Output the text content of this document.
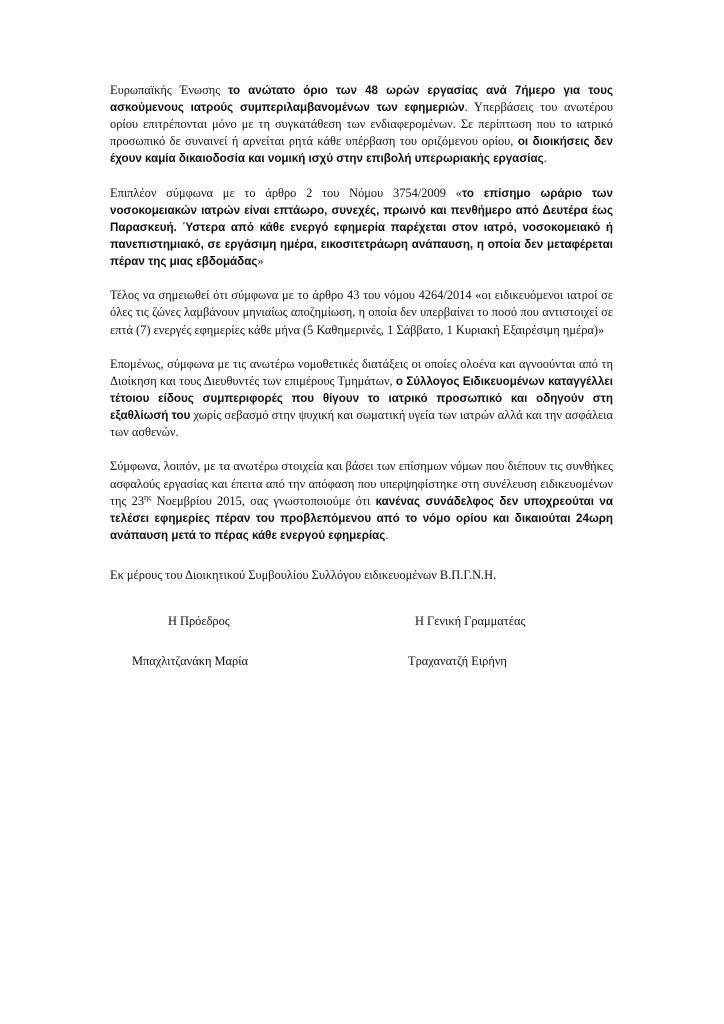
Ευρωπαϊκής Ένωσης το ανώτατο όριο των 48 ωρών εργασίας ανά 7ήμερο για τους ασκούμενους ιατρούς συμπεριλαμβανομένων των εφημεριών. Υπερβάσεις του ανωτέρου ορίου επιτρέπονται μόνο με τη συγκατάθεση των ενδιαφερομένων. Σε περίπτωση που το ιατρικό προσωπικό δε συναινεί ή αρνείται ρητά κάθε υπέρβαση του οριζόμενου ορίου, οι διοικήσεις δεν έχουν καμία δικαιοδοσία και νομική ισχύ στην επιβολή υπερωριακής εργασίας.

Επιπλέον σύμφωνα με το άρθρο 2 του Νόμου 3754/2009 «το επίσημο ωράριο των νοσοκομειακών ιατρών είναι επτάωρο, συνεχές, πρωινό και πενθήμερο από Δευτέρα έως Παρασκευή. Ύστερα από κάθε ενεργό εφημερία παρέχεται στον ιατρό, νοσοκομειακό ή πανεπιστημιακό, σε εργάσιμη ημέρα, εικοσιτετράωρη ανάπαυση, η οποία δεν μεταφέρεται πέραν της μιας εβδομάδας»

Τέλος να σημειωθεί ότι σύμφωνα με το άρθρο 43 του νόμου 4264/2014 «οι ειδικευόμενοι ιατροί σε όλες τις ζώνες λαμβάνουν μηνιαίως αποζημίωση, η οποία δεν υπερβαίνει το ποσό που αντιστοιχεί σε επτά (7) ενεργές εφημερίες κάθε μήνα (5 Καθημερινές, 1 Σάββατο, 1 Κυριακή Εξαιρέσιμη ημέρα)»

Επομένως, σύμφωνα με τις ανωτέρω νομοθετικές διατάξεις οι οποίες ολοένα και αγνοούνται από τη Διοίκηση και τους Διευθυντές των επιμέρους Τμημάτων, ο Σύλλογος Ειδικευομένων καταγγέλλει τέτοιου είδους συμπεριφορές που θίγουν το ιατρικό προσωπικό και οδηγούν στη εξαθλίωσή του χωρίς σεβασμό στην ψυχική και σωματική υγεία των ιατρών αλλά και την ασφάλεια των ασθενών.

Σύμφωνα, λοιπόν, με τα ανωτέρω στοιχεία και βάσει των επίσημων νόμων που διέπουν τις συνθήκες ασφαλούς εργασίας και έπειτα από την απόφαση που υπερψηφίστηκε στη συνέλευση ειδικευομένων της $23^{\eta\varsigma}$ Νοεμβρίου 2015, σας γνωστοποιούμε ότι κανένας συνάδελφος δεν υποχρεούται να τελέσει εφημερίες πέραν του προβλεπόμενου από το νόμο ορίου και δικαιούται 24ωρη ανάπαυση μετά το πέρας κάθε ενεργού εφημερίας.

Εκ μέρους του Διοικητικού Συμβουλίου Συλλόγου ειδικευομένων Β.Π.Γ.Ν.Η.
Η Πρόεδρος	Η Γενική Γραμματέας
Μπαχλιτζανάκη Μαρία	Τραχανατζή Ειρήνη
